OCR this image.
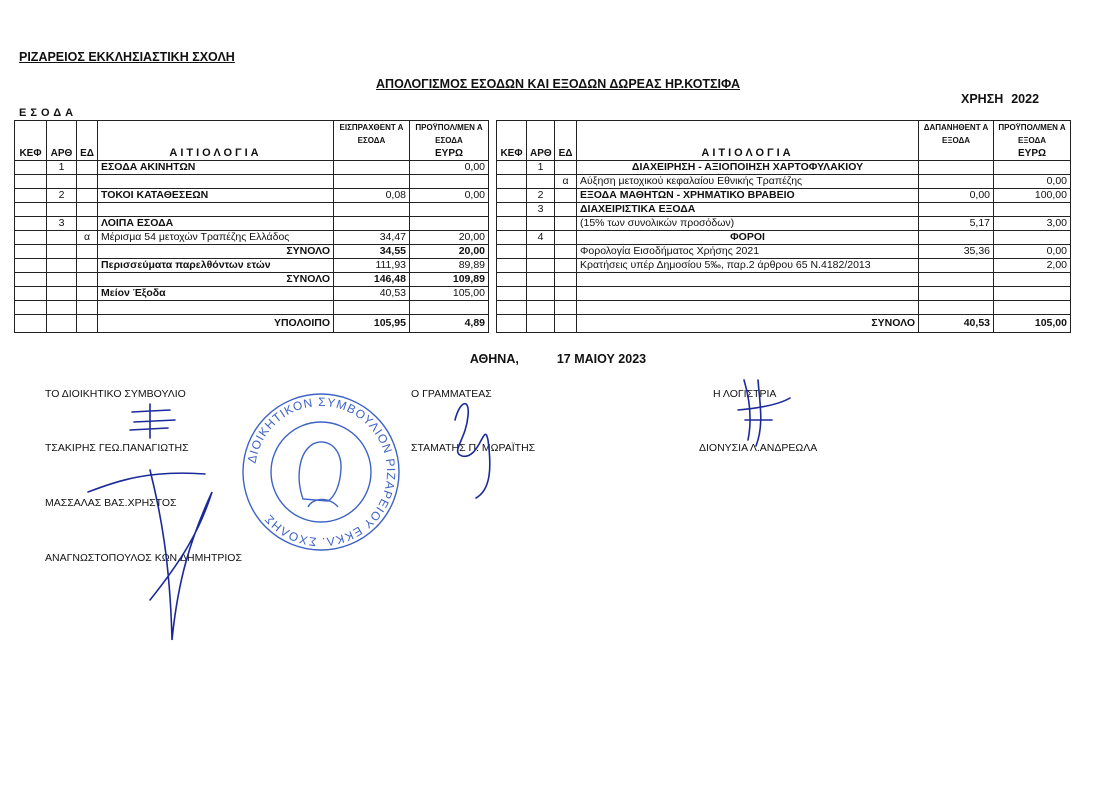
ΡΙΖΑΡΕΙΟΣ ΕΚΚΛΗΣΙΑΣΤΙΚΗ ΣΧΟΛΗ
ΑΠΟΛΟΓΙΣΜΟΣ ΕΣΟΔΩΝ ΚΑΙ ΕΞΟΔΩΝ ΔΩΡΕΑΣ ΗΡ.ΚΟΤΣΙΦΑ
ΧΡΗΣΗ 2022
ΕΣΟΔΑ
ΚΕΦ	ΑΡΘ	ΕΔ	ΑΙΤΙΟΛΟΓΙΑ	ΕΙΣΠΡΑΧΘΕΝΤ Α ΕΣΟΔΑ	ΠΡΟΫΠΟΛ/ΜΕΝ Α ΕΣΟΔΑ
ΕΥΡΩ

	1		ΕΣΟΔΑ ΑΚΙΝΗΤΩΝ		0,00

	2		ΤΟΚΟΙ ΚΑΤΑΘΕΣΕΩΝ	0,08	0,00

	3		ΛΟΙΠΑ ΕΣΟΔΑ		
		α	Μέρισμα 54 μετοχών Τραπέζης Ελλάδος	34,47	20,00
			ΣΥΝΟΛΟ	34,55	20,00
			Περισσεύματα παρελθόντων ετών	111,93	89,89
			ΣΥΝΟΛΟ	146,48	109,89
			Μείον Έξοδα	40,53	105,00

			ΥΠΟΛΟΙΠΟ	105,95	4,89
ΚΕΦ	ΑΡΘ	ΕΔ	ΑΙΤΙΟΛΟΓΙΑ	ΔΑΠΑΝΗΘΕΝΤ Α ΕΞΟΔΑ	ΠΡΟΫΠΟΛ/ΜΕΝ Α ΕΞΟΔΑ
ΕΥΡΩ

	1		ΔΙΑΧΕΙΡΗΣΗ - ΑΞΙΟΠΟΙΗΣΗ ΧΑΡΤΟΦΥΛΑΚΙΟΥ		
		α	Αύξηση μετοχικού κεφαλαίου Εθνικής Τραπέζης		0,00
	2		ΕΞΟΔΑ ΜΑΘΗΤΩΝ - ΧΡΗΜΑΤΙΚΟ ΒΡΑΒΕΙΟ	0,00	100,00
	3		ΔΙΑΧΕΙΡΙΣΤΙΚΑ ΕΞΟΔΑ		
			(15% των συνολικών προσόδων)	5,17	3,00
	4		ΦΟΡΟΙ		
			Φορολογία Εισοδήματος Χρήσης 2021	35,36	0,00
			Κρατήσεις υπέρ Δημοσίου 5‰, παρ.2 άρθρου 65 Ν.4182/2013		2,00

			ΣΥΝΟΛΟ	40,53	105,00
ΑΘΗΝΑ,	17 ΜΑΙΟΥ 2023
ΤΟ ΔΙΟΙΚΗΤΙΚΟ ΣΥΜΒΟΥΛΙΟ
ΤΣΑΚΙΡΗΣ ΓΕΩ.ΠΑΝΑΓΙΩΤΗΣ
ΜΑΣΣΑΛΑΣ ΒΑΣ.ΧΡΗΣΤΟΣ
ΑΝΑΓΝΩΣΤΟΠΟΥΛΟΣ ΚΩΝ.ΔΗΜΗΤΡΙΟΣ
Ο ΓΡΑΜΜΑΤΕΑΣ
ΣΤΑΜΑΤΗΣ Π. ΜΩΡΑΪΤΗΣ
Η ΛΟΓΙΣΤΡΙΑ
ΔΙΟΝΥΣΙΑ Λ.ΑΝΔΡΕΩΛΑ
ΔΙΟΙΚΗΤΙΚΟΝ ΣΥΜΒΟΥΛΙΟΝ ΡΙΖΑΡΕΙΟΥ ΕΚΚΛ. ΣΧΟΛΗΣ
